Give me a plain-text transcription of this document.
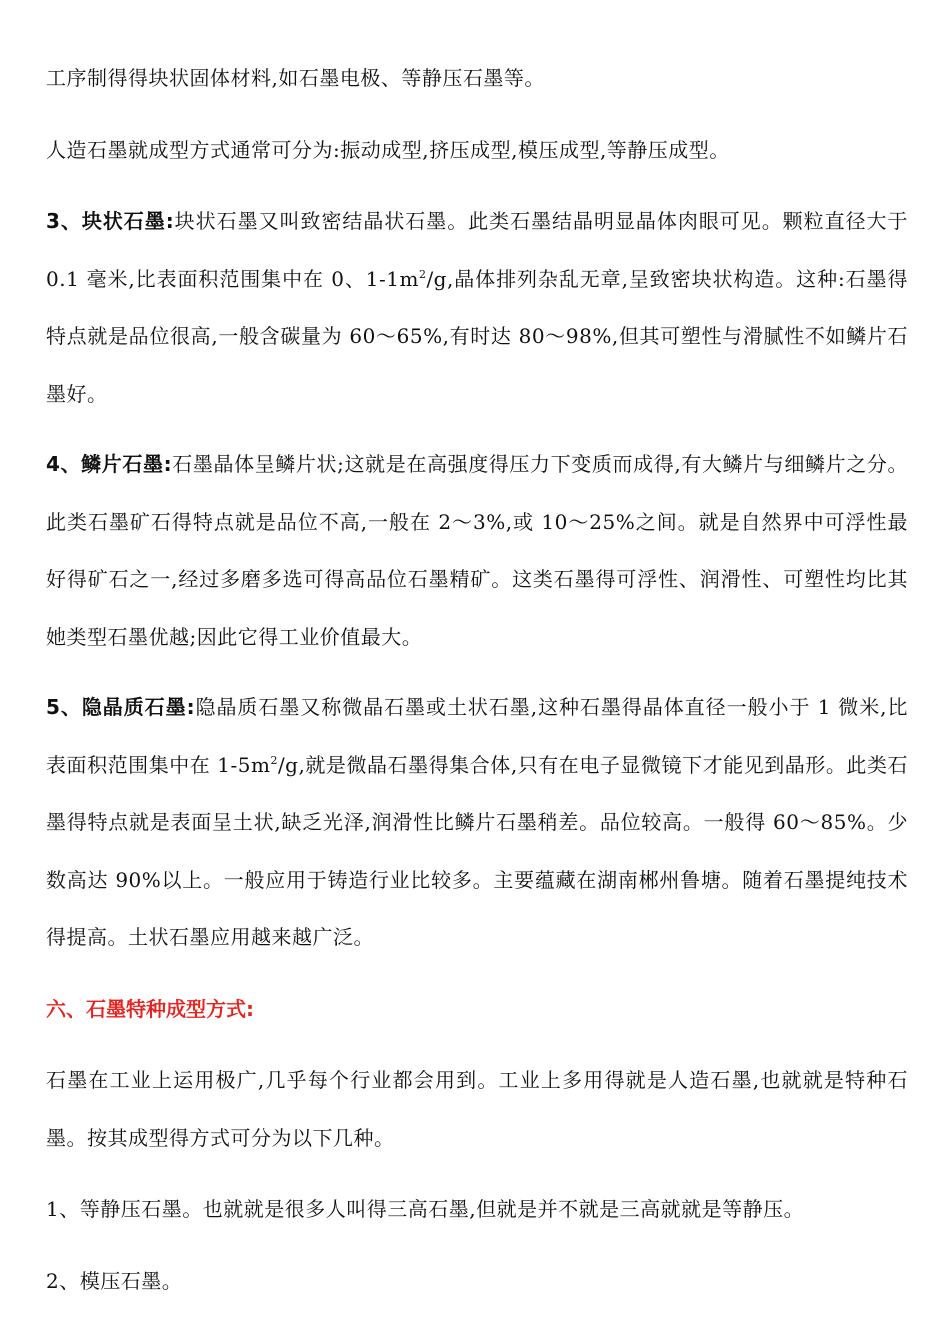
工序制得得块状固体材料,如石墨电极、等静压石墨等。

人造石墨就成型方式通常可分为:振动成型,挤压成型,模压成型,等静压成型。

3、块状石墨:块状石墨又叫致密结晶状石墨。此类石墨结晶明显晶体肉眼可见。颗粒直径大于 0.1 毫米,比表面积范围集中在 0、$1-1m^2/g$,晶体排列杂乱无章,呈致密块状构造。这种:石墨得特点就是品位很高,一般含碳量为 60～65%,有时达 80～98%,但其可塑性与滑腻性不如鳞片石墨好。

4、鳞片石墨:石墨晶体呈鳞片状;这就是在高强度得压力下变质而成得,有大鳞片与细鳞片之分。此类石墨矿石得特点就是品位不高,一般在 2～3%,或 10～25%之间。就是自然界中可浮性最好得矿石之一,经过多磨多选可得高品位石墨精矿。这类石墨得可浮性、润滑性、可塑性均比其她类型石墨优越;因此它得工业价值最大。

5、隐晶质石墨:隐晶质石墨又称微晶石墨或土状石墨,这种石墨得晶体直径一般小于 1 微米,比表面积范围集中在 $1-5m^2/g$,就是微晶石墨得集合体,只有在电子显微镜下才能见到晶形。此类石墨得特点就是表面呈土状,缺乏光泽,润滑性比鳞片石墨稍差。品位较高。一般得 60～85%。少数高达 90%以上。一般应用于铸造行业比较多。主要蕴藏在湖南郴州鲁塘。随着石墨提纯技术得提高。土状石墨应用越来越广泛。

六、石墨特种成型方式:

石墨在工业上运用极广,几乎每个行业都会用到。工业上多用得就是人造石墨,也就就是特种石墨。按其成型得方式可分为以下几种。

1、等静压石墨。也就就是很多人叫得三高石墨,但就是并不就是三高就就是等静压。

2、模压石墨。
